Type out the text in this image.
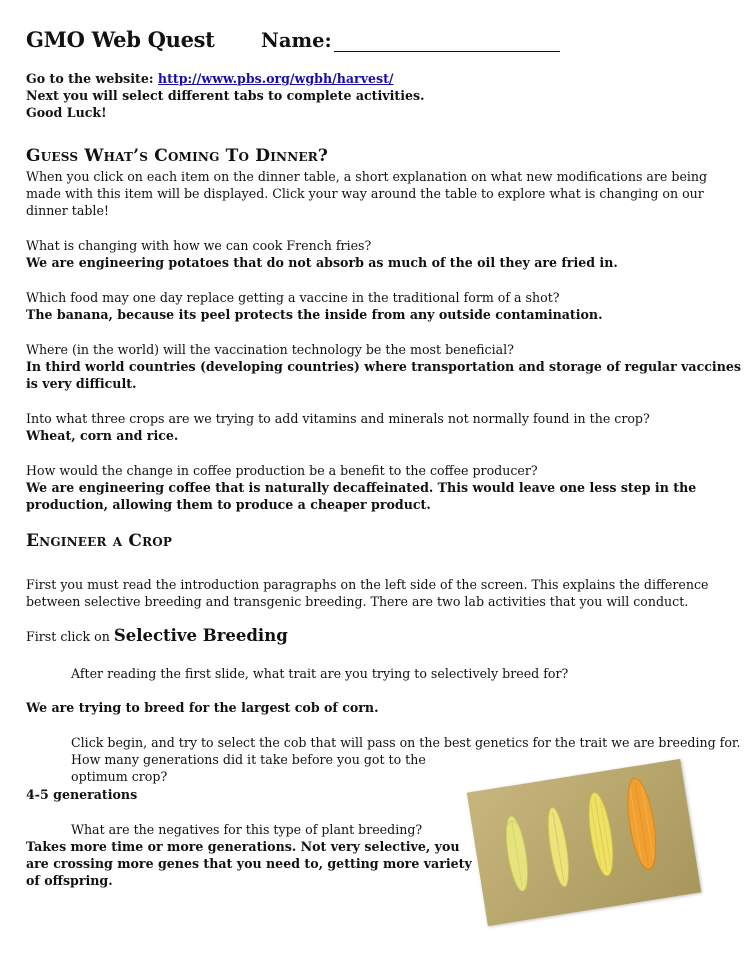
GMO Web Quest Name:
Go to the website: http://www.pbs.org/wgbh/harvest/
Next you will select different tabs to complete activities.
Good Luck!
Guess What’s Coming To Dinner?
When you click on each item on the dinner table, a short explanation on what new modifications are being
made with this item will be displayed. Click your way around the table to explore what is changing on our
dinner table!
What is changing with how we can cook French fries?
We are engineering potatoes that do not absorb as much of the oil they are fried in.
Which food may one day replace getting a vaccine in the traditional form of a shot?
The banana, because its peel protects the inside from any outside contamination.
Where (in the world) will the vaccination technology be the most beneficial?
In third world countries (developing countries) where transportation and storage of regular vaccines
is very difficult.
Into what three crops are we trying to add vitamins and minerals not normally found in the crop?
Wheat, corn and rice.
How would the change in coffee production be a benefit to the coffee producer?
We are engineering coffee that is naturally decaffeinated. This would leave one less step in the
production, allowing them to produce a cheaper product.
Engineer a Crop
First you must read the introduction paragraphs on the left side of the screen. This explains the difference
between selective breeding and transgenic breeding. There are two lab activities that you will conduct.
First click on Selective Breeding
After reading the first slide, what trait are you trying to selectively breed for?
We are trying to breed for the largest cob of corn.
Click begin, and try to select the cob that will pass on the best genetics for the trait we are breeding for.
How many generations did it take before you got to the
optimum crop?
4-5 generations
What are the negatives for this type of plant breeding?
Takes more time or more generations. Not very selective, you
are crossing more genes that you need to, getting more variety
of offspring.
